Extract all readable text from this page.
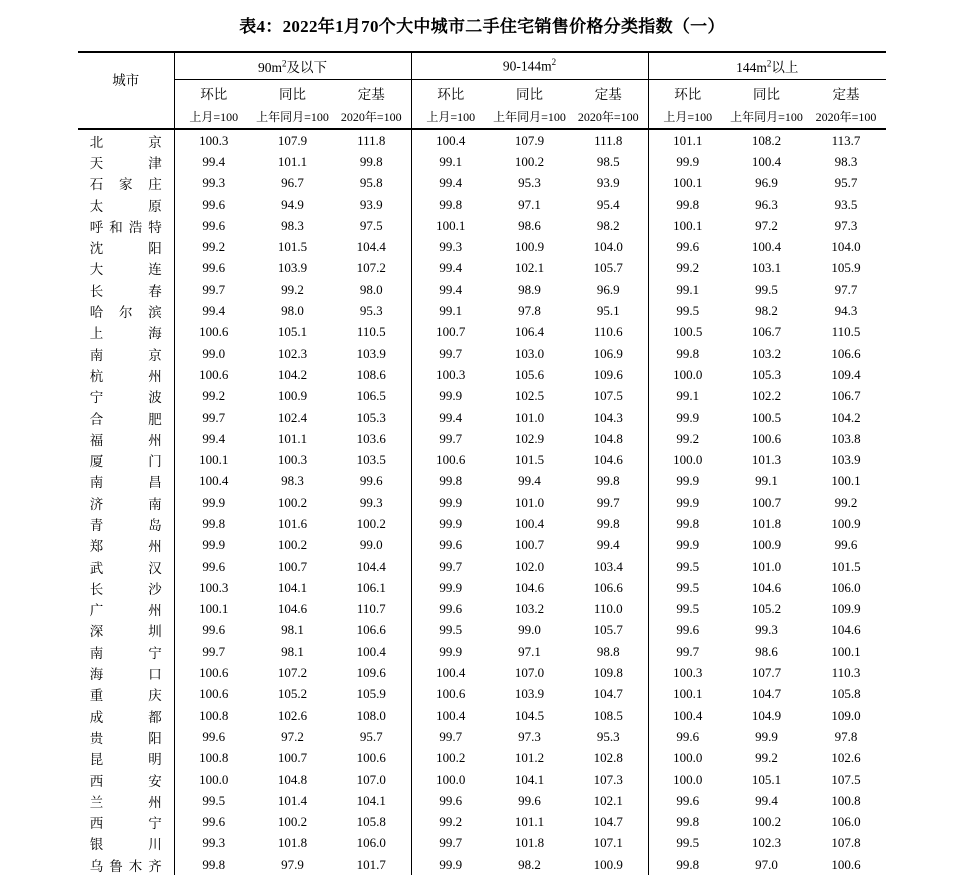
表4：2022年1月70个大中城市二手住宅销售价格分类指数（一）
城市	$90m^2$及以下			$90-144m^2$			$144m^2$以上		
	环比	同比	定基	环比	同比	定基	环比	同比	定基
	上月=100	上年同月=100	2020年=100	上月=100	上年同月=100	2020年=100	上月=100	上年同月=100	2020年=100
北京	100.3	107.9	111.8	100.4	107.9	111.8	101.1	108.2	113.7
天津	99.4	101.1	99.8	99.1	100.2	98.5	99.9	100.4	98.3
石家庄	99.3	96.7	95.8	99.4	95.3	93.9	100.1	96.9	95.7
太原	99.6	94.9	93.9	99.8	97.1	95.4	99.8	96.3	93.5
呼和浩特	99.6	98.3	97.5	100.1	98.6	98.2	100.1	97.2	97.3
沈阳	99.2	101.5	104.4	99.3	100.9	104.0	99.6	100.4	104.0
大连	99.6	103.9	107.2	99.4	102.1	105.7	99.2	103.1	105.9
长春	99.7	99.2	98.0	99.4	98.9	96.9	99.1	99.5	97.7
哈尔滨	99.4	98.0	95.3	99.1	97.8	95.1	99.5	98.2	94.3
上海	100.6	105.1	110.5	100.7	106.4	110.6	100.5	106.7	110.5
南京	99.0	102.3	103.9	99.7	103.0	106.9	99.8	103.2	106.6
杭州	100.6	104.2	108.6	100.3	105.6	109.6	100.0	105.3	109.4
宁波	99.2	100.9	106.5	99.9	102.5	107.5	99.1	102.2	106.7
合肥	99.7	102.4	105.3	99.4	101.0	104.3	99.9	100.5	104.2
福州	99.4	101.1	103.6	99.7	102.9	104.8	99.2	100.6	103.8
厦门	100.1	100.3	103.5	100.6	101.5	104.6	100.0	101.3	103.9
南昌	100.4	98.3	99.6	99.8	99.4	99.8	99.9	99.1	100.1
济南	99.9	100.2	99.3	99.9	101.0	99.7	99.9	100.7	99.2
青岛	99.8	101.6	100.2	99.9	100.4	99.8	99.8	101.8	100.9
郑州	99.9	100.2	99.0	99.6	100.7	99.4	99.9	100.9	99.6
武汉	99.6	100.7	104.4	99.7	102.0	103.4	99.5	101.0	101.5
长沙	100.3	104.1	106.1	99.9	104.6	106.6	99.5	104.6	106.0
广州	100.1	104.6	110.7	99.6	103.2	110.0	99.5	105.2	109.9
深圳	99.6	98.1	106.6	99.5	99.0	105.7	99.6	99.3	104.6
南宁	99.7	98.1	100.4	99.9	97.1	98.8	99.7	98.6	100.1
海口	100.6	107.2	109.6	100.4	107.0	109.8	100.3	107.7	110.3
重庆	100.6	105.2	105.9	100.6	103.9	104.7	100.1	104.7	105.8
成都	100.8	102.6	108.0	100.4	104.5	108.5	100.4	104.9	109.0
贵阳	99.6	97.2	95.7	99.7	97.3	95.3	99.6	99.9	97.8
昆明	100.8	100.7	100.6	100.2	101.2	102.8	100.0	99.2	102.6
西安	100.0	104.8	107.0	100.0	104.1	107.3	100.0	105.1	107.5
兰州	99.5	101.4	104.1	99.6	99.6	102.1	99.6	99.4	100.8
西宁	99.6	100.2	105.8	99.2	101.1	104.7	99.8	100.2	106.0
银川	99.3	101.8	106.0	99.7	101.8	107.1	99.5	102.3	107.8
乌鲁木齐	99.8	97.9	101.7	99.9	98.2	100.9	99.8	97.0	100.6
